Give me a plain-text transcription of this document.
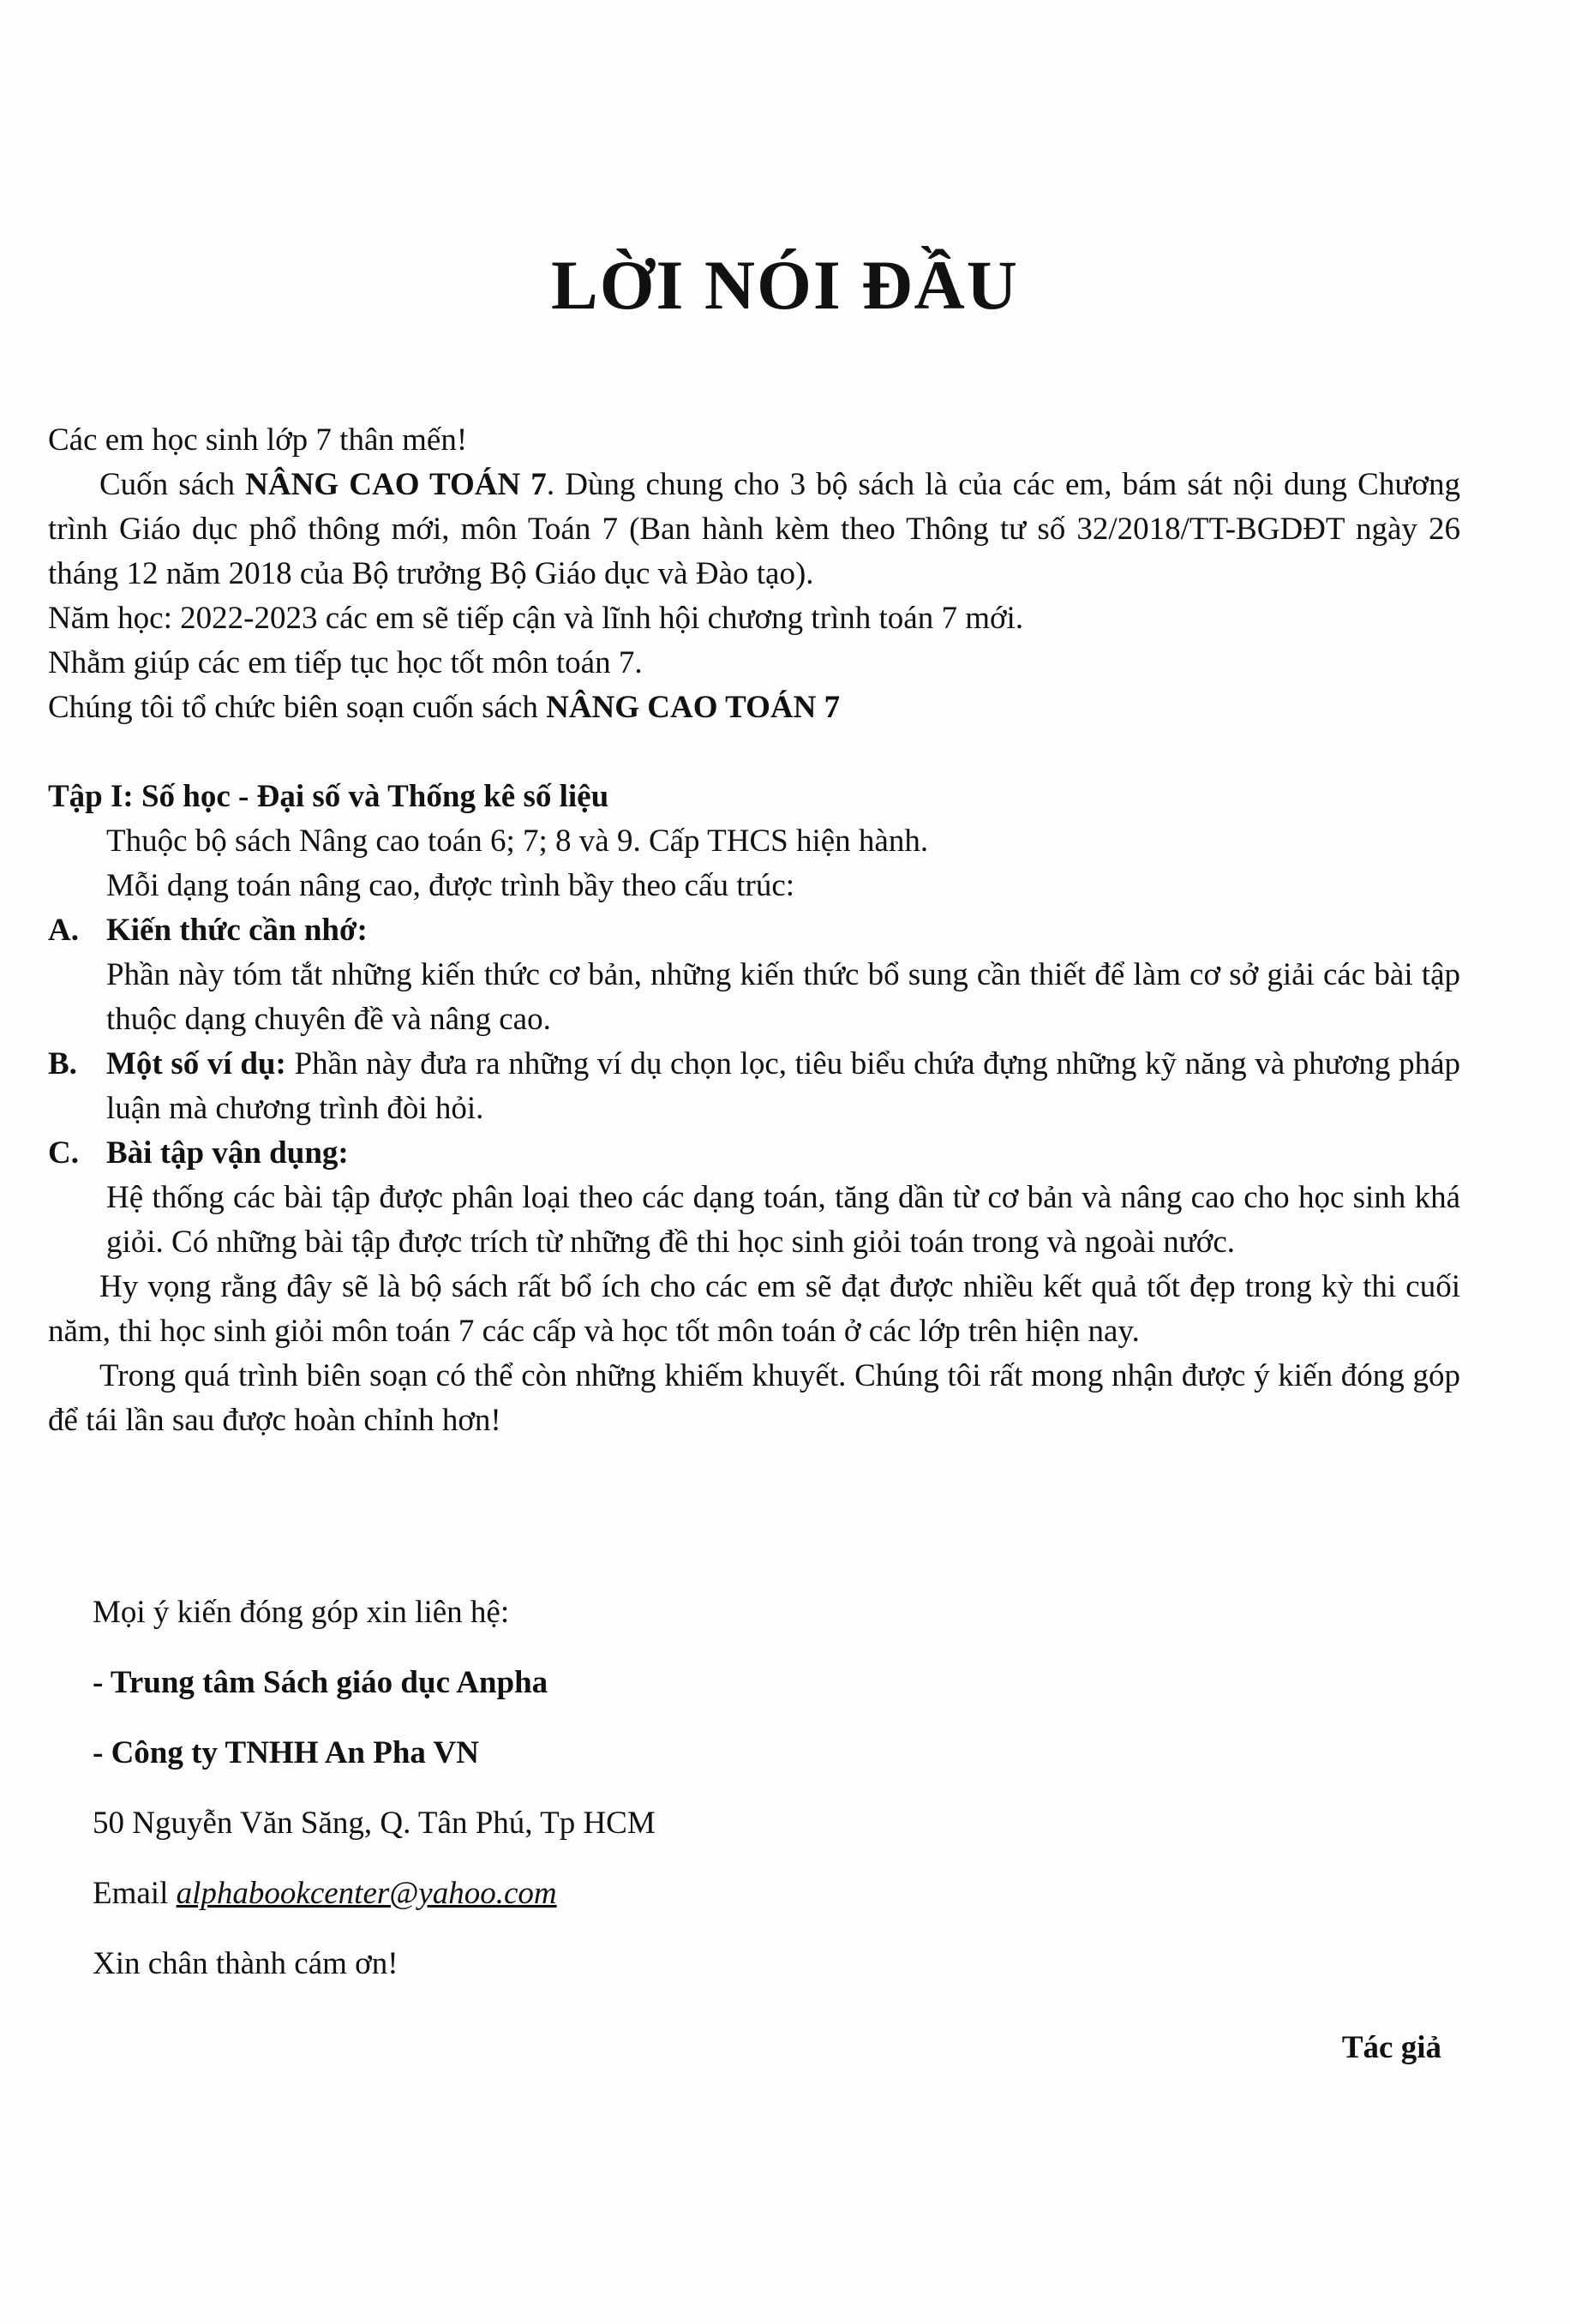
LỜI NÓI ĐẦU

Các em học sinh lớp 7 thân mến!

Cuốn sách NÂNG CAO TOÁN 7. Dùng chung cho 3 bộ sách là của các em, bám sát nội dung Chương trình Giáo dục phổ thông mới, môn Toán 7 (Ban hành kèm theo Thông tư số 32/2018/TT-BGDĐT ngày 26 tháng 12 năm 2018 của Bộ trưởng Bộ Giáo dục và Đào tạo).

Năm học: 2022-2023 các em sẽ tiếp cận và lĩnh hội chương trình toán 7 mới.

Nhằm giúp các em tiếp tục học tốt môn toán 7.

Chúng tôi tổ chức biên soạn cuốn sách NÂNG CAO TOÁN 7

Tập I: Số học - Đại số và Thống kê số liệu

Thuộc bộ sách Nâng cao toán 6; 7; 8 và 9. Cấp THCS hiện hành.

Mỗi dạng toán nâng cao, được trình bầy theo cấu trúc:

A. Kiến thức cần nhớ:

Phần này tóm tắt những kiến thức cơ bản, những kiến thức bổ sung cần thiết để làm cơ sở giải các bài tập thuộc dạng chuyên đề và nâng cao.

B. Một số ví dụ: Phần này đưa ra những ví dụ chọn lọc, tiêu biểu chứa đựng những kỹ năng và phương pháp luận mà chương trình đòi hỏi.
C. Bài tập vận dụng:

Hệ thống các bài tập được phân loại theo các dạng toán, tăng dần từ cơ bản và nâng cao cho học sinh khá giỏi. Có những bài tập được trích từ những đề thi học sinh giỏi toán trong và ngoài nước.

Hy vọng rằng đây sẽ là bộ sách rất bổ ích cho các em sẽ đạt được nhiều kết quả tốt đẹp trong kỳ thi cuối năm, thi học sinh giỏi môn toán 7 các cấp và học tốt môn toán ở các lớp trên hiện nay.

Trong quá trình biên soạn có thể còn những khiếm khuyết. Chúng tôi rất mong nhận được ý kiến đóng góp để tái lần sau được hoàn chỉnh hơn!

Mọi ý kiến đóng góp xin liên hệ:

- Trung tâm Sách giáo dục Anpha

- Công ty TNHH An Pha VN

50 Nguyễn Văn Săng, Q. Tân Phú, Tp HCM

Email alphabookcenter@yahoo.com

Xin chân thành cám ơn!

Tác giả
